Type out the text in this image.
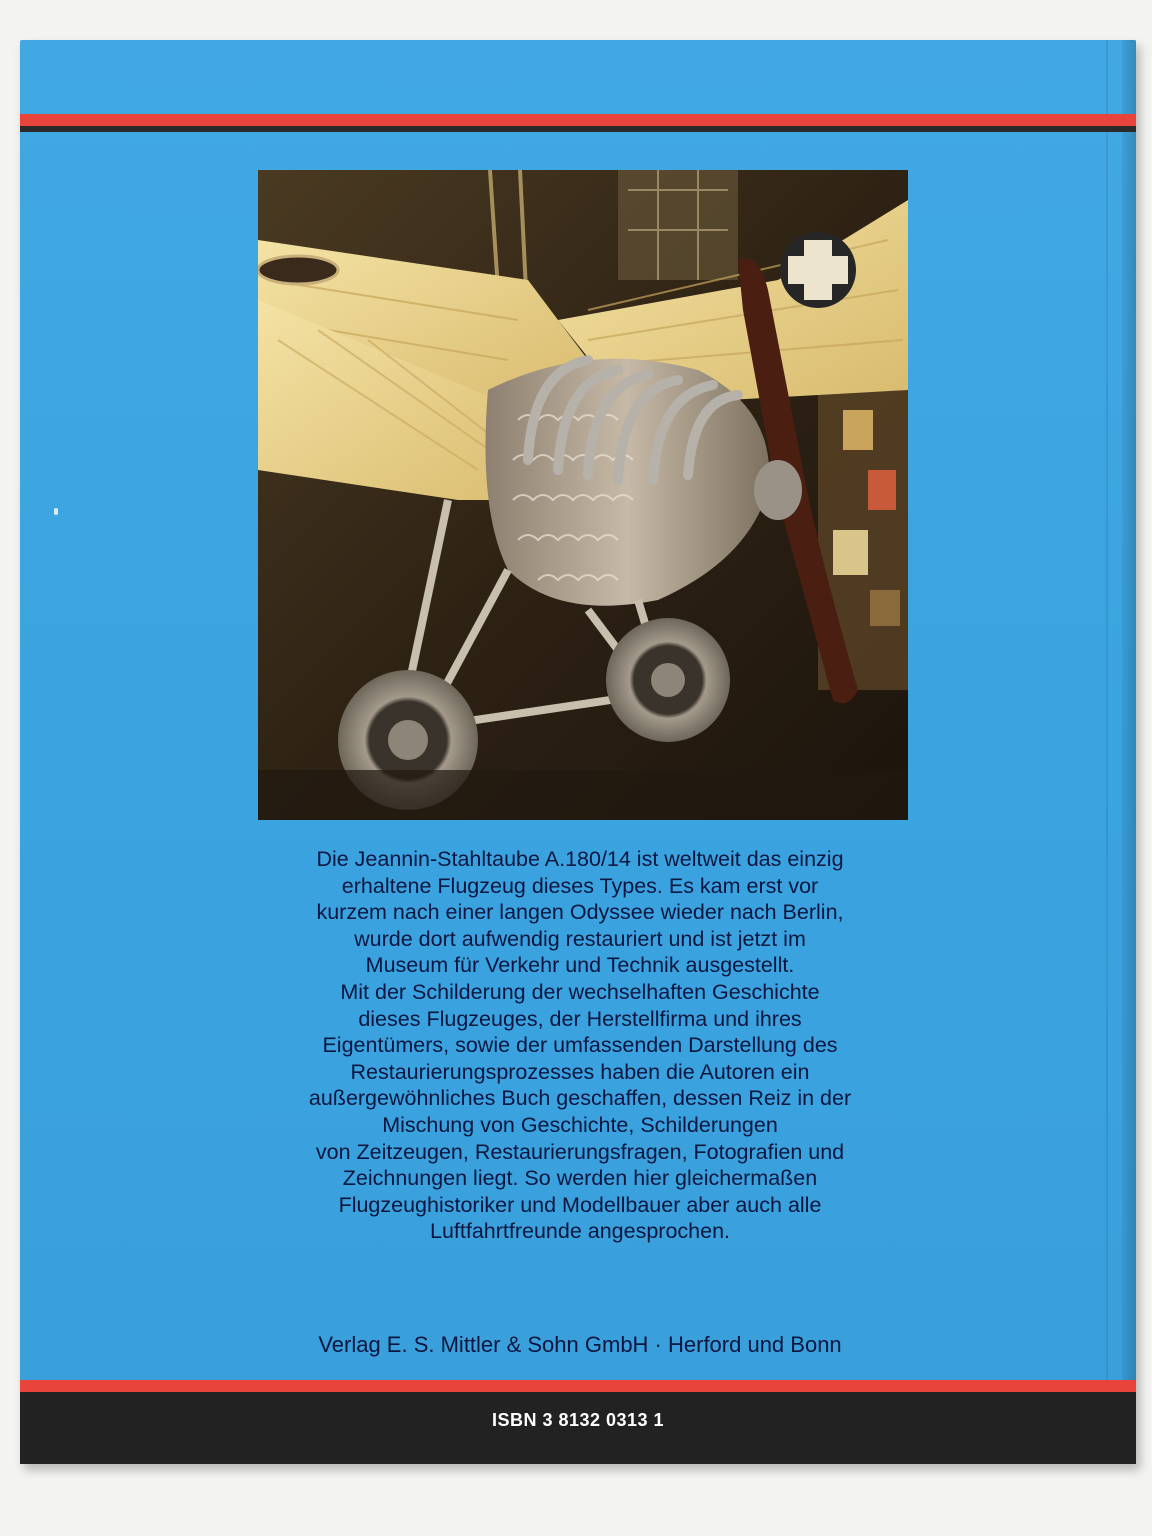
Die Jeannin-Stahltaube A.180/14 ist weltweit das einzig
erhaltene Flugzeug dieses Types. Es kam erst vor
kurzem nach einer langen Odyssee wieder nach Berlin,
wurde dort aufwendig restauriert und ist jetzt im
Museum für Verkehr und Technik ausgestellt.
Mit der Schilderung der wechselhaften Geschichte
dieses Flugzeuges, der Herstellfirma und ihres
Eigentümers, sowie der umfassenden Darstellung des
Restaurierungsprozesses haben die Autoren ein
außergewöhnliches Buch geschaffen, dessen Reiz in der
Mischung von Geschichte, Schilderungen
von Zeitzeugen, Restaurierungsfragen, Fotografien und
Zeichnungen liegt. So werden hier gleichermaßen
Flugzeughistoriker und Modellbauer aber auch alle
Luftfahrtfreunde angesprochen.
Verlag E. S. Mittler & Sohn GmbH · Herford und Bonn
ISBN 3 8132 0313 1
